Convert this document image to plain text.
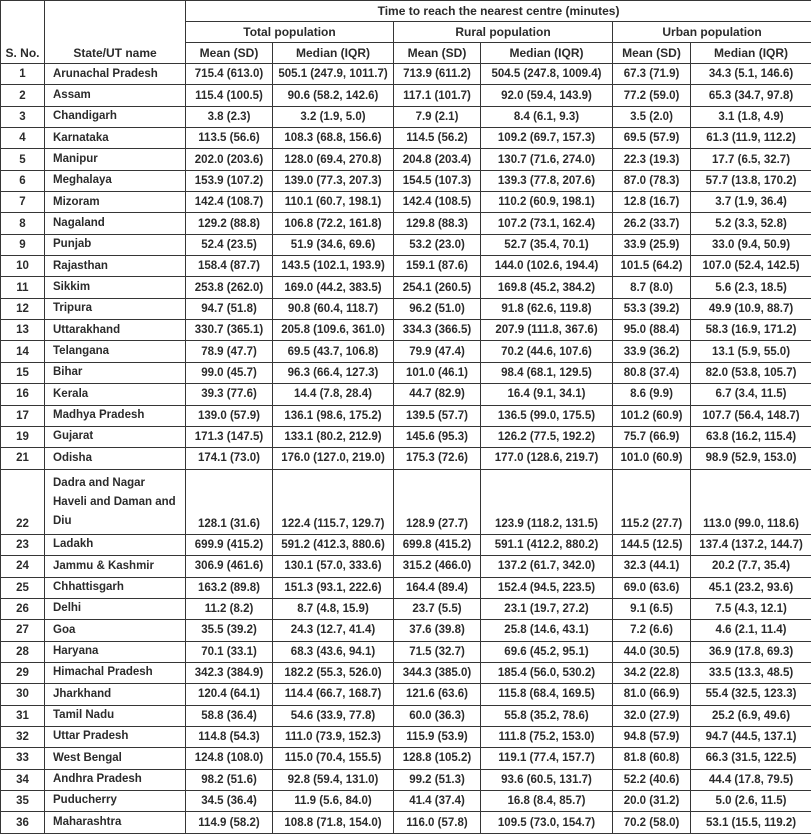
S. No.	State/UT name	Time to reach the nearest centre (minutes)					
		Total population		Rural population		Urban population	
		Mean (SD)	Median (IQR)	Mean (SD)	Median (IQR)	Mean (SD)	Median (IQR)
1	Arunachal Pradesh	715.4 (613.0)	505.1 (247.9, 1011.7)	713.9 (611.2)	504.5 (247.8, 1009.4)	67.3 (71.9)	34.3 (5.1, 146.6)
2	Assam	115.4 (100.5)	90.6 (58.2, 142.6)	117.1 (101.7)	92.0 (59.4, 143.9)	77.2 (59.0)	65.3 (34.7, 97.8)
3	Chandigarh	3.8 (2.3)	3.2 (1.9, 5.0)	7.9 (2.1)	8.4 (6.1, 9.3)	3.5 (2.0)	3.1 (1.8, 4.9)
4	Karnataka	113.5 (56.6)	108.3 (68.8, 156.6)	114.5 (56.2)	109.2 (69.7, 157.3)	69.5 (57.9)	61.3 (11.9, 112.2)
5	Manipur	202.0 (203.6)	128.0 (69.4, 270.8)	204.8 (203.4)	130.7 (71.6, 274.0)	22.3 (19.3)	17.7 (6.5, 32.7)
6	Meghalaya	153.9 (107.2)	139.0 (77.3, 207.3)	154.5 (107.3)	139.3 (77.8, 207.6)	87.0 (78.3)	57.7 (13.8, 170.2)
7	Mizoram	142.4 (108.7)	110.1 (60.7, 198.1)	142.4 (108.5)	110.2 (60.9, 198.1)	12.8 (16.7)	3.7 (1.9, 36.4)
8	Nagaland	129.2 (88.8)	106.8 (72.2, 161.8)	129.8 (88.3)	107.2 (73.1, 162.4)	26.2 (33.7)	5.2 (3.3, 52.8)
9	Punjab	52.4 (23.5)	51.9 (34.6, 69.6)	53.2 (23.0)	52.7 (35.4, 70.1)	33.9 (25.9)	33.0 (9.4, 50.9)
10	Rajasthan	158.4 (87.7)	143.5 (102.1, 193.9)	159.1 (87.6)	144.0 (102.6, 194.4)	101.5 (64.2)	107.0 (52.4, 142.5)
11	Sikkim	253.8 (262.0)	169.0 (44.2, 383.5)	254.1 (260.5)	169.8 (45.2, 384.2)	8.7 (8.0)	5.6 (2.3, 18.5)
12	Tripura	94.7 (51.8)	90.8 (60.4, 118.7)	96.2 (51.0)	91.8 (62.6, 119.8)	53.3 (39.2)	49.9 (10.9, 88.7)
13	Uttarakhand	330.7 (365.1)	205.8 (109.6, 361.0)	334.3 (366.5)	207.9 (111.8, 367.6)	95.0 (88.4)	58.3 (16.9, 171.2)
14	Telangana	78.9 (47.7)	69.5 (43.7, 106.8)	79.9 (47.4)	70.2 (44.6, 107.6)	33.9 (36.2)	13.1 (5.9, 55.0)
15	Bihar	99.0 (45.7)	96.3 (66.4, 127.3)	101.0 (46.1)	98.4 (68.1, 129.5)	80.8 (37.4)	82.0 (53.8, 105.7)
16	Kerala	39.3 (77.6)	14.4 (7.8, 28.4)	44.7 (82.9)	16.4 (9.1, 34.1)	8.6 (9.9)	6.7 (3.4, 11.5)
17	Madhya Pradesh	139.0 (57.9)	136.1 (98.6, 175.2)	139.5 (57.7)	136.5 (99.0, 175.5)	101.2 (60.9)	107.7 (56.4, 148.7)
19	Gujarat	171.3 (147.5)	133.1 (80.2, 212.9)	145.6 (95.3)	126.2 (77.5, 192.2)	75.7 (66.9)	63.8 (16.2, 115.4)
21	Odisha	174.1 (73.0)	176.0 (127.0, 219.0)	175.3 (72.6)	177.0 (128.6, 219.7)	101.0 (60.9)	98.9 (52.9, 153.0)
22	Dadra and Nagar Haveli and Daman and Diu	128.1 (31.6)	122.4 (115.7, 129.7)	128.9 (27.7)	123.9 (118.2, 131.5)	115.2 (27.7)	113.0 (99.0, 118.6)
23	Ladakh	699.9 (415.2)	591.2 (412.3, 880.6)	699.8 (415.2)	591.1 (412.2, 880.2)	144.5 (12.5)	137.4 (137.2, 144.7)
24	Jammu & Kashmir	306.9 (461.6)	130.1 (57.0, 333.6)	315.2 (466.0)	137.2 (61.7, 342.0)	32.3 (44.1)	20.2 (7.7, 35.4)
25	Chhattisgarh	163.2 (89.8)	151.3 (93.1, 222.6)	164.4 (89.4)	152.4 (94.5, 223.5)	69.0 (63.6)	45.1 (23.2, 93.6)
26	Delhi	11.2 (8.2)	8.7 (4.8, 15.9)	23.7 (5.5)	23.1 (19.7, 27.2)	9.1 (6.5)	7.5 (4.3, 12.1)
27	Goa	35.5 (39.2)	24.3 (12.7, 41.4)	37.6 (39.8)	25.8 (14.6, 43.1)	7.2 (6.6)	4.6 (2.1, 11.4)
28	Haryana	70.1 (33.1)	68.3 (43.6, 94.1)	71.5 (32.7)	69.6 (45.2, 95.1)	44.0 (30.5)	36.9 (17.8, 69.3)
29	Himachal Pradesh	342.3 (384.9)	182.2 (55.3, 526.0)	344.3 (385.0)	185.4 (56.0, 530.2)	34.2 (22.8)	33.5 (13.3, 48.5)
30	Jharkhand	120.4 (64.1)	114.4 (66.7, 168.7)	121.6 (63.6)	115.8 (68.4, 169.5)	81.0 (66.9)	55.4 (32.5, 123.3)
31	Tamil Nadu	58.8 (36.4)	54.6 (33.9, 77.8)	60.0 (36.3)	55.8 (35.2, 78.6)	32.0 (27.9)	25.2 (6.9, 49.6)
32	Uttar Pradesh	114.8 (54.3)	111.0 (73.9, 152.3)	115.9 (53.9)	111.8 (75.2, 153.0)	94.8 (57.9)	94.7 (44.5, 137.1)
33	West Bengal	124.8 (108.0)	115.0 (70.4, 155.5)	128.8 (105.2)	119.1 (77.4, 157.7)	81.8 (60.8)	66.3 (31.5, 122.5)
34	Andhra Pradesh	98.2 (51.6)	92.8 (59.4, 131.0)	99.2 (51.3)	93.6 (60.5, 131.7)	52.2 (40.6)	44.4 (17.8, 79.5)
35	Puducherry	34.5 (36.4)	11.9 (5.6, 84.0)	41.4 (37.4)	16.8 (8.4, 85.7)	20.0 (31.2)	5.0 (2.6, 11.5)
36	Maharashtra	114.9 (58.2)	108.8 (71.8, 154.0)	116.0 (57.8)	109.5 (73.0, 154.7)	70.2 (58.0)	53.1 (15.5, 119.2)
